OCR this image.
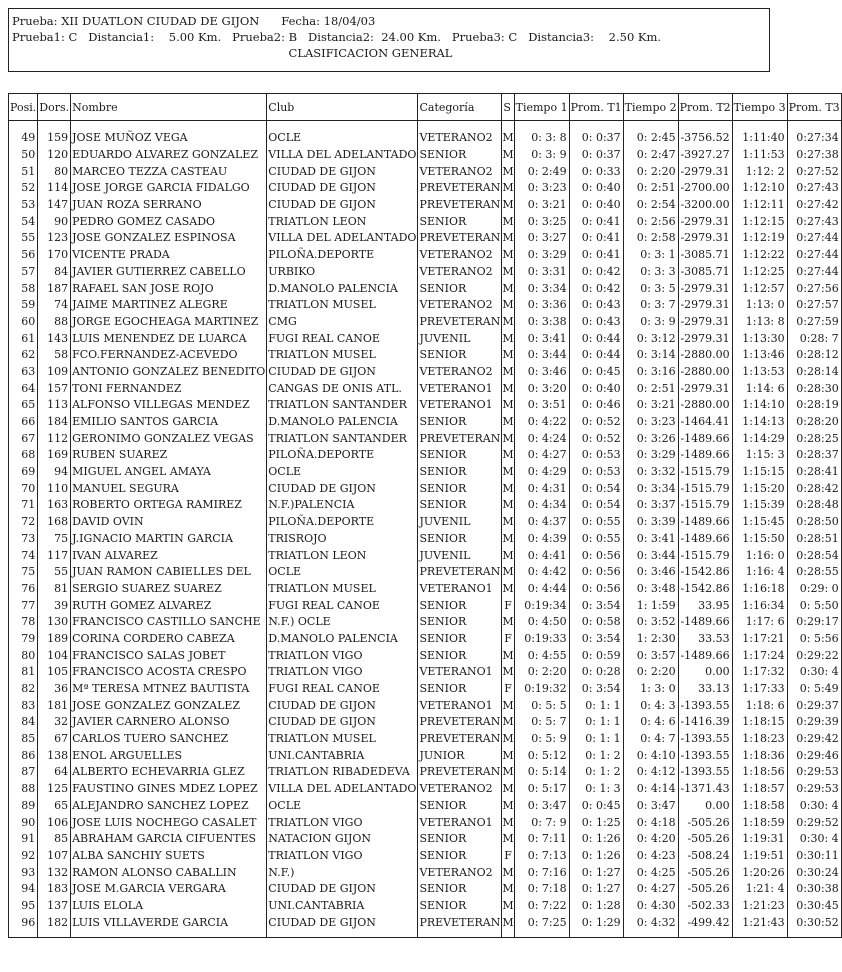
Prueba: XII DUATLON CIUDAD DE GIJON      Fecha: 18/04/03
Prueba1: C   Distancia1:    5.00 Km.   Prueba2: B   Distancia2:  24.00 Km.   Prueba3: C   Distancia3:    2.50 Km.
CLASIFICACION GENERAL
Posi.	Dors.	Nombre	Club	Categoría	S	Tiempo 1	Prom. T1	Tiempo 2	Prom. T2	Tiempo 3	Prom. T3

49	159	JOSE MUÑOZ VEGA	OCLE	VETERANO2	M	0: 3: 8	0: 0:37	0: 2:45	-3756.52	1:11:40	0:27:34
50	120	EDUARDO ALVAREZ GONZALEZ	VILLA DEL ADELANTADO	SENIOR	M	0: 3: 9	0: 0:37	0: 2:47	-3927.27	1:11:53	0:27:38
51	80	MARCEO TEZZA CASTEAU	CIUDAD DE GIJON	VETERANO2	M	0: 2:49	0: 0:33	0: 2:20	-2979.31	1:12: 2	0:27:52
52	114	JOSE JORGE GARCIA FIDALGO	CIUDAD DE GIJON	PREVETERAN	M	0: 3:23	0: 0:40	0: 2:51	-2700.00	1:12:10	0:27:43
53	147	JUAN ROZA SERRANO	CIUDAD DE GIJON	PREVETERAN	M	0: 3:21	0: 0:40	0: 2:54	-3200.00	1:12:11	0:27:42
54	90	PEDRO GOMEZ CASADO	TRIATLON LEON	SENIOR	M	0: 3:25	0: 0:41	0: 2:56	-2979.31	1:12:15	0:27:43
55	123	JOSE GONZALEZ ESPINOSA	VILLA DEL ADELANTADO	PREVETERAN	M	0: 3:27	0: 0:41	0: 2:58	-2979.31	1:12:19	0:27:44
56	170	VICENTE PRADA	PILOÑA.DEPORTE	VETERANO2	M	0: 3:29	0: 0:41	0: 3: 1	-3085.71	1:12:22	0:27:44
57	84	JAVIER GUTIERREZ CABELLO	URBIKO	VETERANO2	M	0: 3:31	0: 0:42	0: 3: 3	-3085.71	1:12:25	0:27:44
58	187	RAFAEL SAN JOSE ROJO	D.MANOLO PALENCIA	SENIOR	M	0: 3:34	0: 0:42	0: 3: 5	-2979.31	1:12:57	0:27:56
59	74	JAIME MARTINEZ ALEGRE	TRIATLON MUSEL	VETERANO2	M	0: 3:36	0: 0:43	0: 3: 7	-2979.31	1:13: 0	0:27:57
60	88	JORGE EGOCHEAGA MARTINEZ	CMG	PREVETERAN	M	0: 3:38	0: 0:43	0: 3: 9	-2979.31	1:13: 8	0:27:59
61	143	LUIS MENENDEZ DE LUARCA	FUGI REAL CANOE	JUVENIL	M	0: 3:41	0: 0:44	0: 3:12	-2979.31	1:13:30	0:28: 7
62	58	FCO.FERNANDEZ-ACEVEDO	TRIATLON MUSEL	SENIOR	M	0: 3:44	0: 0:44	0: 3:14	-2880.00	1:13:46	0:28:12
63	109	ANTONIO GONZALEZ BENEDITO	CIUDAD DE GIJON	VETERANO2	M	0: 3:46	0: 0:45	0: 3:16	-2880.00	1:13:53	0:28:14
64	157	TONI FERNANDEZ	CANGAS DE ONIS ATL.	VETERANO1	M	0: 3:20	0: 0:40	0: 2:51	-2979.31	1:14: 6	0:28:30
65	113	ALFONSO VILLEGAS MENDEZ	TRIATLON SANTANDER	VETERANO1	M	0: 3:51	0: 0:46	0: 3:21	-2880.00	1:14:10	0:28:19
66	184	EMILIO SANTOS GARCIA	D.MANOLO PALENCIA	SENIOR	M	0: 4:22	0: 0:52	0: 3:23	-1464.41	1:14:13	0:28:20
67	112	GERONIMO GONZALEZ VEGAS	TRIATLON SANTANDER	PREVETERAN	M	0: 4:24	0: 0:52	0: 3:26	-1489.66	1:14:29	0:28:25
68	169	RUBEN SUAREZ	PILOÑA.DEPORTE	SENIOR	M	0: 4:27	0: 0:53	0: 3:29	-1489.66	1:15: 3	0:28:37
69	94	MIGUEL ANGEL AMAYA	OCLE	SENIOR	M	0: 4:29	0: 0:53	0: 3:32	-1515.79	1:15:15	0:28:41
70	110	MANUEL SEGURA	CIUDAD DE GIJON	SENIOR	M	0: 4:31	0: 0:54	0: 3:34	-1515.79	1:15:20	0:28:42
71	163	ROBERTO ORTEGA RAMIREZ	N.F.)PALENCIA	SENIOR	M	0: 4:34	0: 0:54	0: 3:37	-1515.79	1:15:39	0:28:48
72	168	DAVID OVIN	PILOÑA.DEPORTE	JUVENIL	M	0: 4:37	0: 0:55	0: 3:39	-1489.66	1:15:45	0:28:50
73	75	J.IGNACIO MARTIN GARCIA	TRISROJO	SENIOR	M	0: 4:39	0: 0:55	0: 3:41	-1489.66	1:15:50	0:28:51
74	117	IVAN ALVAREZ	TRIATLON LEON	JUVENIL	M	0: 4:41	0: 0:56	0: 3:44	-1515.79	1:16: 0	0:28:54
75	55	JUAN RAMON CABIELLES DEL	OCLE	PREVETERAN	M	0: 4:42	0: 0:56	0: 3:46	-1542.86	1:16: 4	0:28:55
76	81	SERGIO SUAREZ SUAREZ	TRIATLON MUSEL	VETERANO1	M	0: 4:44	0: 0:56	0: 3:48	-1542.86	1:16:18	0:29: 0
77	39	RUTH GOMEZ ALVAREZ	FUGI REAL CANOE	SENIOR	F	0:19:34	0: 3:54	1: 1:59	33.95	1:16:34	0: 5:50
78	130	FRANCISCO CASTILLO SANCHE	N.F.) OCLE	SENIOR	M	0: 4:50	0: 0:58	0: 3:52	-1489.66	1:17: 6	0:29:17
79	189	CORINA CORDERO CABEZA	D.MANOLO PALENCIA	SENIOR	F	0:19:33	0: 3:54	1: 2:30	33.53	1:17:21	0: 5:56
80	104	FRANCISCO SALAS JOBET	TRIATLON VIGO	SENIOR	M	0: 4:55	0: 0:59	0: 3:57	-1489.66	1:17:24	0:29:22
81	105	FRANCISCO ACOSTA CRESPO	TRIATLON VIGO	VETERANO1	M	0: 2:20	0: 0:28	0: 2:20	0.00	1:17:32	0:30: 4
82	36	Mª TERESA MTNEZ BAUTISTA	FUGI REAL CANOE	SENIOR	F	0:19:32	0: 3:54	1: 3: 0	33.13	1:17:33	0: 5:49
83	181	JOSE GONZALEZ GONZALEZ	CIUDAD DE GIJON	VETERANO1	M	0: 5: 5	0: 1: 1	0: 4: 3	-1393.55	1:18: 6	0:29:37
84	32	JAVIER CARNERO ALONSO	CIUDAD DE GIJON	PREVETERAN	M	0: 5: 7	0: 1: 1	0: 4: 6	-1416.39	1:18:15	0:29:39
85	67	CARLOS TUERO SANCHEZ	TRIATLON MUSEL	PREVETERAN	M	0: 5: 9	0: 1: 1	0: 4: 7	-1393.55	1:18:23	0:29:42
86	138	ENOL ARGUELLES	UNI.CANTABRIA	JUNIOR	M	0: 5:12	0: 1: 2	0: 4:10	-1393.55	1:18:36	0:29:46
87	64	ALBERTO ECHEVARRIA GLEZ	TRIATLON RIBADEDEVA	PREVETERAN	M	0: 5:14	0: 1: 2	0: 4:12	-1393.55	1:18:56	0:29:53
88	125	FAUSTINO GINES MDEZ LOPEZ	VILLA DEL ADELANTADO	VETERANO2	M	0: 5:17	0: 1: 3	0: 4:14	-1371.43	1:18:57	0:29:53
89	65	ALEJANDRO SANCHEZ LOPEZ	OCLE	SENIOR	M	0: 3:47	0: 0:45	0: 3:47	0.00	1:18:58	0:30: 4
90	106	JOSE LUIS NOCHEGO CASALET	TRIATLON VIGO	VETERANO1	M	0: 7: 9	0: 1:25	0: 4:18	-505.26	1:18:59	0:29:52
91	85	ABRAHAM GARCIA CIFUENTES	NATACION GIJON	SENIOR	M	0: 7:11	0: 1:26	0: 4:20	-505.26	1:19:31	0:30: 4
92	107	ALBA SANCHIY SUETS	TRIATLON VIGO	SENIOR	F	0: 7:13	0: 1:26	0: 4:23	-508.24	1:19:51	0:30:11
93	132	RAMON ALONSO CABALLIN	N.F.)	VETERANO2	M	0: 7:16	0: 1:27	0: 4:25	-505.26	1:20:26	0:30:24
94	183	JOSE M.GARCIA VERGARA	CIUDAD DE GIJON	SENIOR	M	0: 7:18	0: 1:27	0: 4:27	-505.26	1:21: 4	0:30:38
95	137	LUIS ELOLA	UNI.CANTABRIA	SENIOR	M	0: 7:22	0: 1:28	0: 4:30	-502.33	1:21:23	0:30:45
96	182	LUIS VILLAVERDE GARCIA	CIUDAD DE GIJON	PREVETERAN	M	0: 7:25	0: 1:29	0: 4:32	-499.42	1:21:43	0:30:52
